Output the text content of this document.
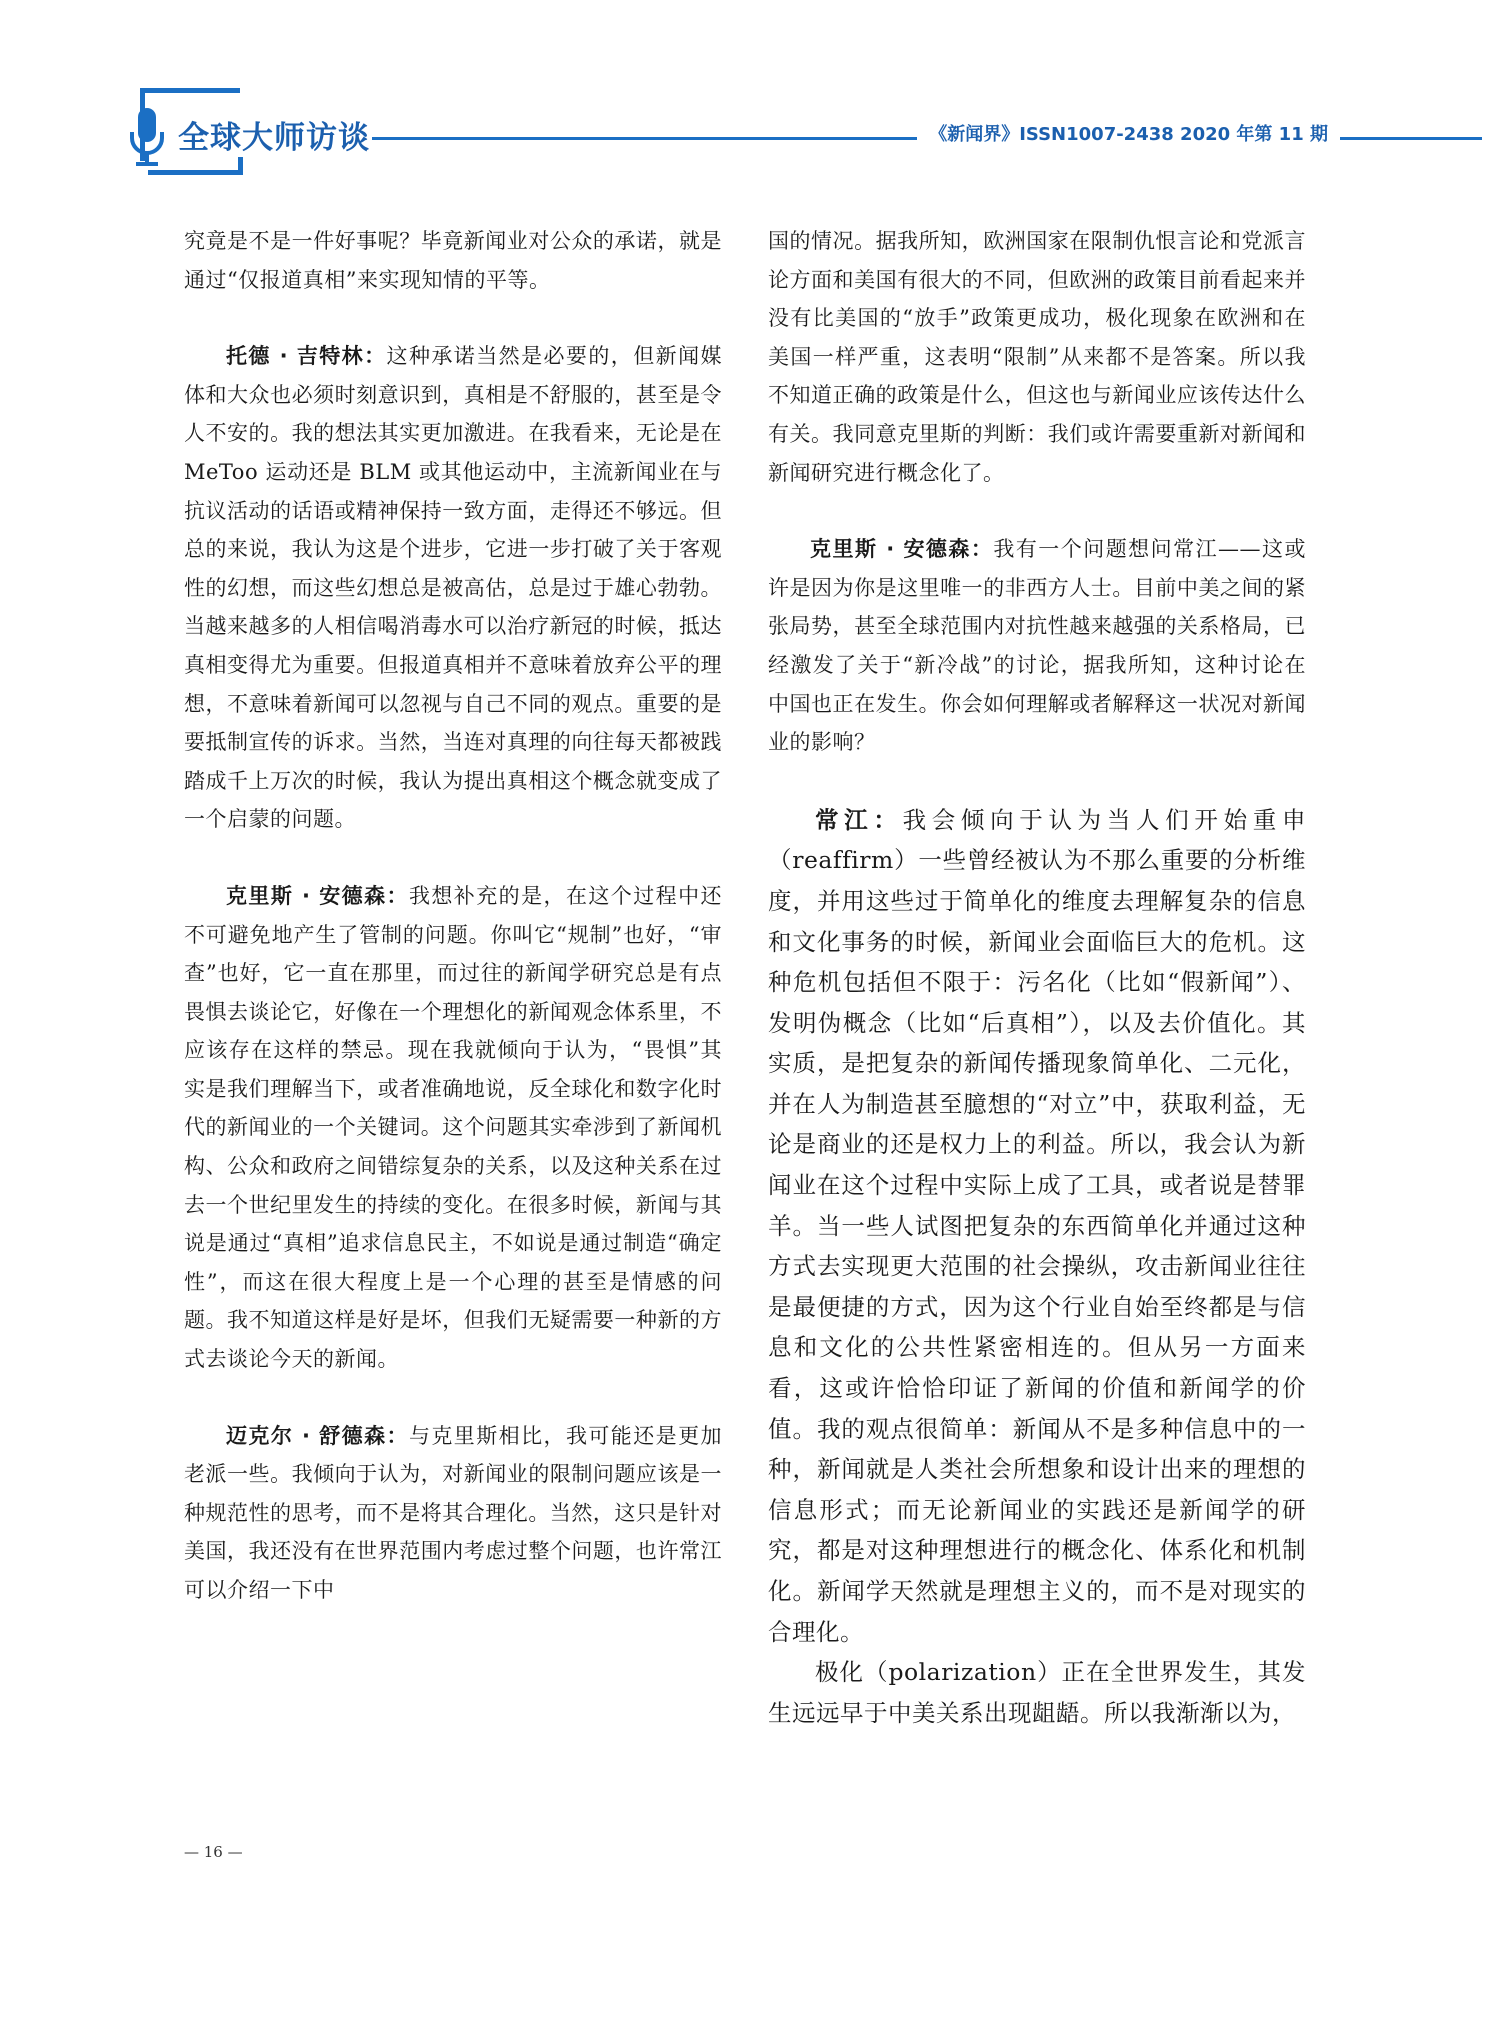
全球大师访谈	《新闻界》ISSN1007-2438 2020 年第 11 期

究竟是不是一件好事呢？毕竟新闻业对公众的承诺，就是通过“仅报道真相”来实现知情的平等。

托德 · 吉特林：这种承诺当然是必要的，但新闻媒体和大众也必须时刻意识到，真相是不舒服的，甚至是令人不安的。我的想法其实更加激进。在我看来，无论是在 MeToo 运动还是 BLM 或其他运动中，主流新闻业在与抗议活动的话语或精神保持一致方面，走得还不够远。但总的来说，我认为这是个进步，它进一步打破了关于客观性的幻想，而这些幻想总是被高估，总是过于雄心勃勃。当越来越多的人相信喝消毒水可以治疗新冠的时候，抵达真相变得尤为重要。但报道真相并不意味着放弃公平的理想，不意味着新闻可以忽视与自己不同的观点。重要的是要抵制宣传的诉求。当然，当连对真理的向往每天都被践踏成千上万次的时候，我认为提出真相这个概念就变成了一个启蒙的问题。

克里斯 · 安德森：我想补充的是，在这个过程中还不可避免地产生了管制的问题。你叫它“规制”也好，“审查”也好，它一直在那里，而过往的新闻学研究总是有点畏惧去谈论它，好像在一个理想化的新闻观念体系里，不应该存在这样的禁忌。现在我就倾向于认为，“畏惧”其实是我们理解当下，或者准确地说，反全球化和数字化时代的新闻业的一个关键词。这个问题其实牵涉到了新闻机构、公众和政府之间错综复杂的关系，以及这种关系在过去一个世纪里发生的持续的变化。在很多时候，新闻与其说是通过“真相”追求信息民主，不如说是通过制造“确定性”，而这在很大程度上是一个心理的甚至是情感的问题。我不知道这样是好是坏，但我们无疑需要一种新的方式去谈论今天的新闻。

迈克尔 · 舒德森：与克里斯相比，我可能还是更加老派一些。我倾向于认为，对新闻业的限制问题应该是一种规范性的思考，而不是将其合理化。当然，这只是针对美国，我还没有在世界范围内考虑过整个问题，也许常江可以介绍一下中

国的情况。据我所知，欧洲国家在限制仇恨言论和党派言论方面和美国有很大的不同，但欧洲的政策目前看起来并没有比美国的“放手”政策更成功，极化现象在欧洲和在美国一样严重，这表明“限制”从来都不是答案。所以我不知道正确的政策是什么，但这也与新闻业应该传达什么有关。我同意克里斯的判断：我们或许需要重新对新闻和新闻研究进行概念化了。

克里斯 · 安德森：我有一个问题想问常江——这或许是因为你是这里唯一的非西方人士。目前中美之间的紧张局势，甚至全球范围内对抗性越来越强的关系格局，已经激发了关于“新冷战”的讨论，据我所知，这种讨论在中国也正在发生。你会如何理解或者解释这一状况对新闻业的影响？

常江：我会倾向于认为当人们开始重申（reaffirm）一些曾经被认为不那么重要的分析维度，并用这些过于简单化的维度去理解复杂的信息和文化事务的时候，新闻业会面临巨大的危机。这种危机包括但不限于：污名化（比如“假新闻”）、发明伪概念（比如“后真相”），以及去价值化。其实质，是把复杂的新闻传播现象简单化、二元化，并在人为制造甚至臆想的“对立”中，获取利益，无论是商业的还是权力上的利益。所以，我会认为新闻业在这个过程中实际上成了工具，或者说是替罪羊。当一些人试图把复杂的东西简单化并通过这种方式去实现更大范围的社会操纵，攻击新闻业往往是最便捷的方式，因为这个行业自始至终都是与信息和文化的公共性紧密相连的。但从另一方面来看，这或许恰恰印证了新闻的价值和新闻学的价值。我的观点很简单：新闻从不是多种信息中的一种，新闻就是人类社会所想象和设计出来的理想的信息形式；而无论新闻业的实践还是新闻学的研究，都是对这种理想进行的概念化、体系化和机制化。新闻学天然就是理想主义的，而不是对现实的合理化。

极化（polarization）正在全世界发生，其发生远远早于中美关系出现龃龉。所以我渐渐以为，

— 16 —
